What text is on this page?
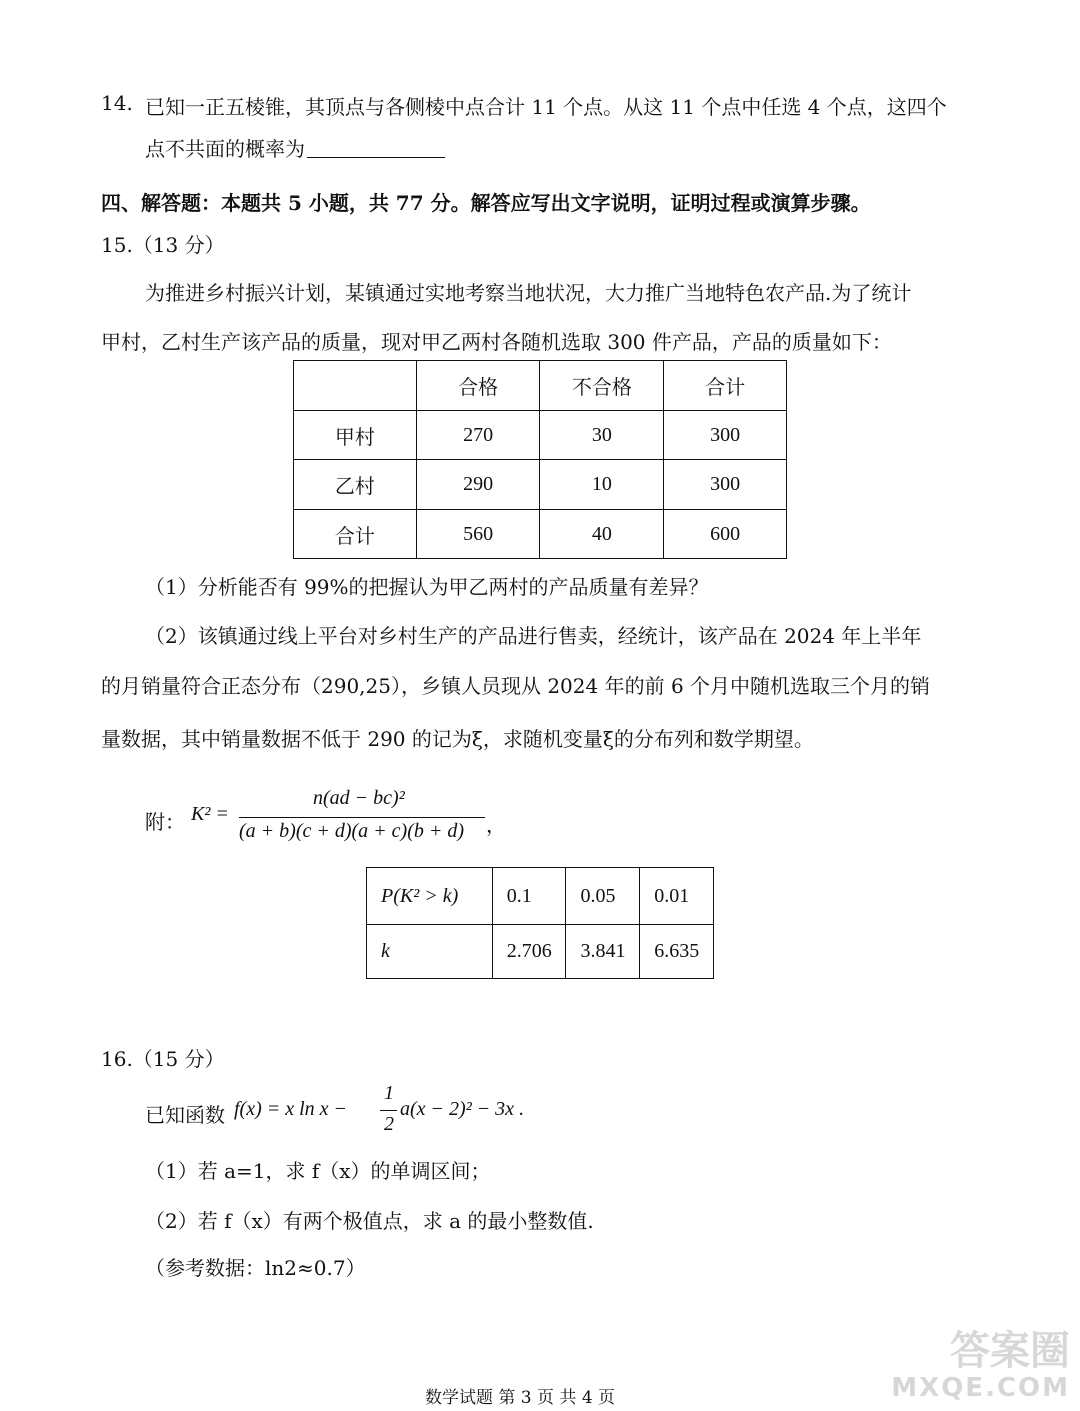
14. 已知一正五棱锥，其顶点与各侧棱中点合计 11 个点。从这 11 个点中任选 4 个点，这四个
点不共面的概率为
四、解答题：本题共 5 小题，共 77 分。解答应写出文字说明，证明过程或演算步骤。
15.（13 分）
为推进乡村振兴计划，某镇通过实地考察当地状况，大力推广当地特色农产品.为了统计
甲村，乙村生产该产品的质量，现对甲乙两村各随机选取 300 件产品，产品的质量如下：
	合格	不合格	合计
甲村	270	30	300
乙村	290	10	300
合计	560	40	600
（1）分析能否有 99%的把握认为甲乙两村的产品质量有差异？
（2）该镇通过线上平台对乡村生产的产品进行售卖，经统计，该产品在 2024 年上半年
的月销量符合正态分布（290,25），乡镇人员现从 2024 年的前 6 个月中随机选取三个月的销
量数据，其中销量数据不低于 290 的记为ξ，求随机变量ξ的分布列和数学期望。
附： K² =
n(ad − bc)²
(a + b)(c + d)(a + c)(b + d) ，
P(K² > k)	0.1	0.05	0.01
k	2.706	3.841	6.635
16.（15 分）
已知函数 f(x) = x ln x −
1
2
a(x − 2)² − 3x .
（1）若 a=1，求 f（x）的单调区间；
（2）若 f（x）有两个极值点，求 a 的最小整数值.
（参考数据：ln2≈0.7）
数学试题 第 3 页 共 4 页
答案圈
MXQE.COM
